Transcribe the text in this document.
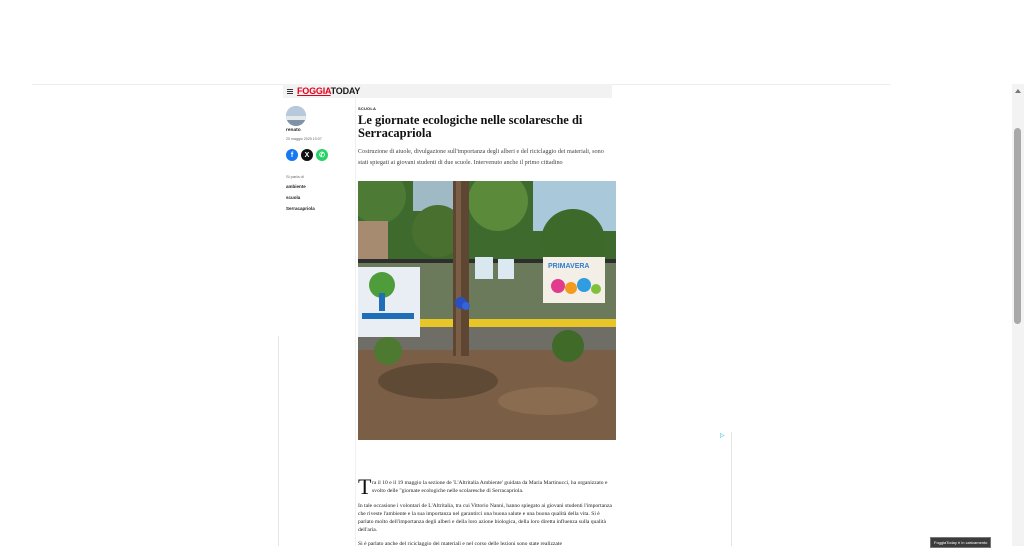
FOGGIATODAY
renato
20 maggio 2025 10:07
f	X	✆
Si parla di
ambiente
scuola
Serracapriola
SCUOLA
Le giornate ecologiche nelle scolaresche di Serracapriola

Costruzione di aiuole, divulgazione sull'importanza degli alberi e del riciclaggio dei materiali, sono stati spiegati ai giovani studenti di due scuole. Intervenuto anche il primo cittadino

PRIMAVERA
▷
T ra il 10 e il 19 maggio la sezione de 'L'Altritalia Ambiente' guidata da Maria Martinucci, ha organizzato e svolto delle "giornate ecologiche nelle scolaresche di Serracapriola.

In tale occasione i volontari de L'Altritalia, tra cui Vittorio Nanni, hanno spiegato ai giovani studenti l'importanza che riveste l'ambiente e la sua importanza nel garantirci una buona salute e una buona qualità della vita. Si è parlato molto dell'importanza degli alberi e della loro azione biologica, della loro diretta influenza sulla qualità dell'aria.

Si è parlato anche del riciclaggio dei materiali e nel corso delle lezioni sono state realizzate	FoggiaToday è in caricamento
